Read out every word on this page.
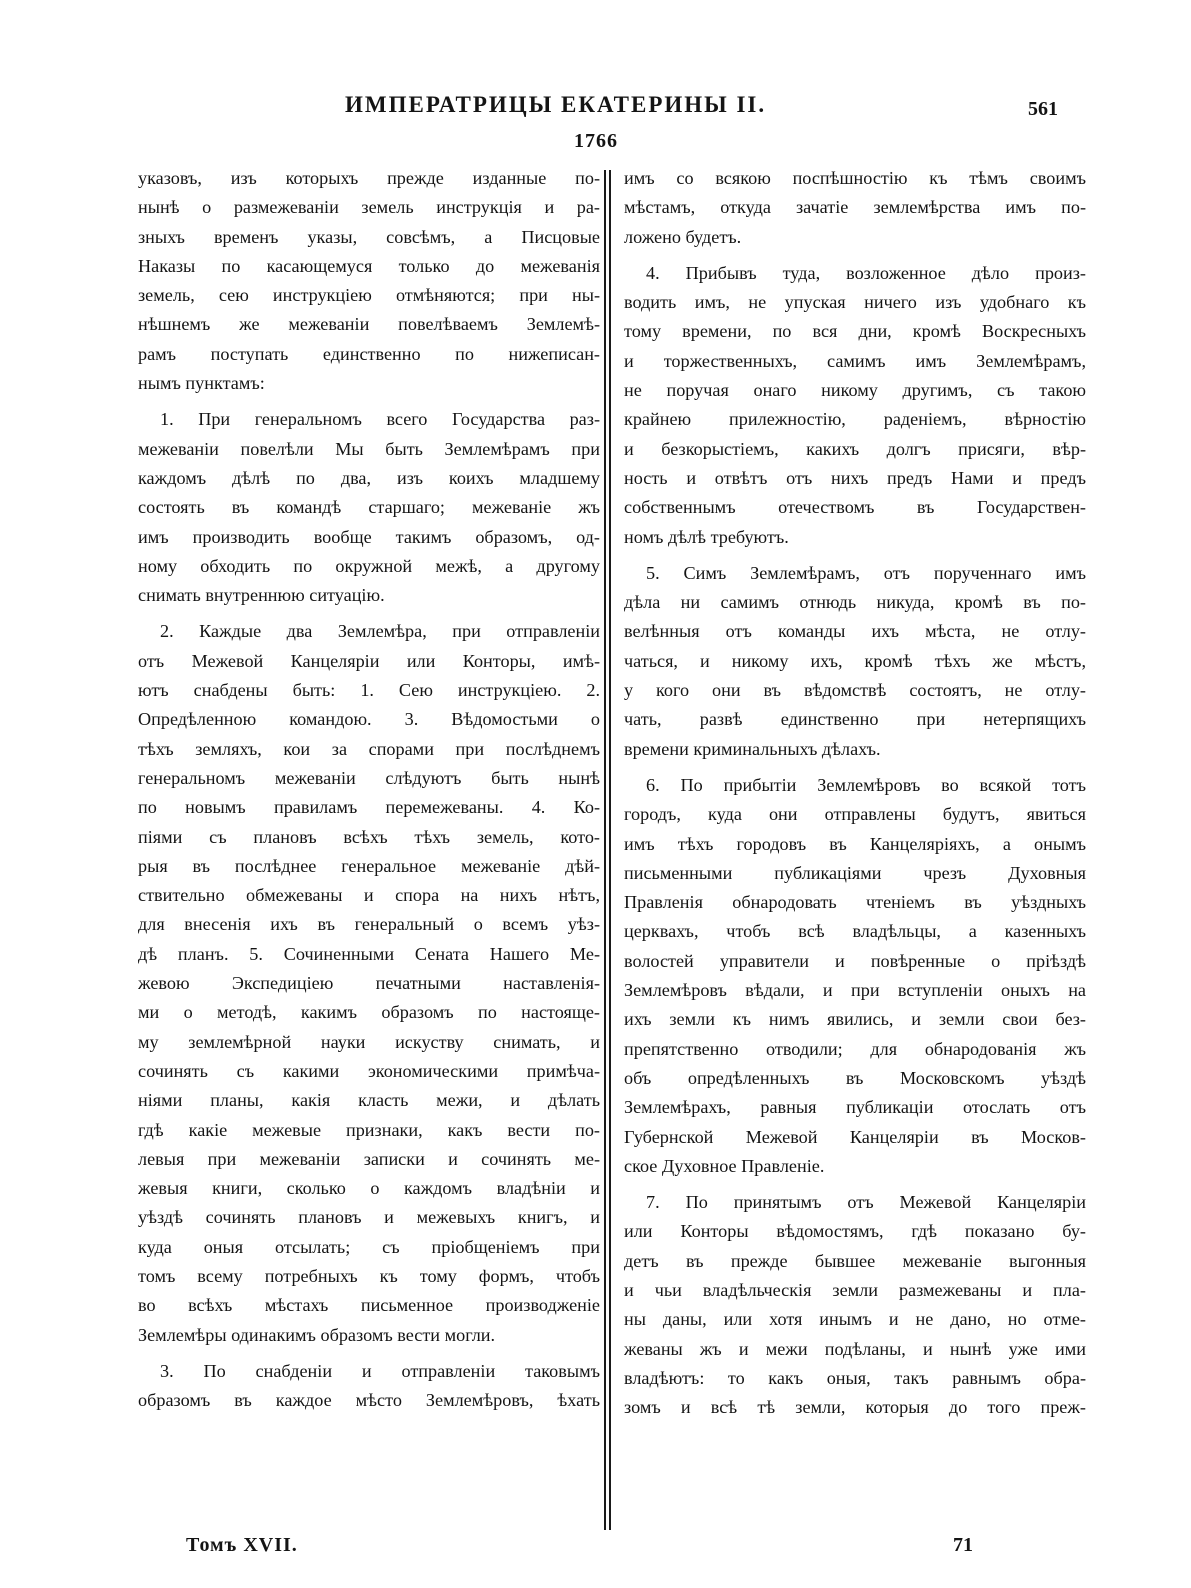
ИМПЕРАТРИЦЫ ЕКАТЕРИНЫ II.	561
1766
указовъ, изъ которыхъ прежде изданные по-
нынѣ о размежеваніи земель инструкція и ра-
зныхъ временъ указы, совсѣмъ, а Писцовые
Наказы по касающемуся только до межеванія
земель, сею инструкціею отмѣняются; при ны-
нѣшнемъ же межеваніи повелѣваемъ Землемѣ-
рамъ поступать единственно по нижеписан-
нымъ пунктамъ:
1. При генеральномъ всего Государства раз-
межеваніи повелѣли Мы быть Землемѣрамъ при
каждомъ дѣлѣ по два, изъ коихъ младшему
состоять въ командѣ старшаго; межеваніе жъ
имъ производить вообще такимъ образомъ, од-
ному обходить по окружной межѣ, а другому
снимать внутреннюю ситуацію.
2. Каждые два Землемѣра, при отправленіи
отъ Межевой Канцеляріи или Конторы, имѣ-
ютъ снабдены быть: 1. Сею инструкціею. 2.
Опредѣленною командою. 3. Вѣдомостьми о
тѣхъ земляхъ, кои за спорами при послѣднемъ
генеральномъ межеваніи слѣдуютъ быть нынѣ
по новымъ правиламъ перемежеваны. 4. Ко-
піями съ плановъ всѣхъ тѣхъ земель, кото-
рыя въ послѣднее генеральное межеваніе дѣй-
ствительно обмежеваны и спора на нихъ нѣтъ,
для внесенія ихъ въ генеральный о всемъ уѣз-
дѣ планъ. 5. Сочиненными Сената Нашего Ме-
жевою Экспедиціею печатными наставленія-
ми о методѣ, какимъ образомъ по настояще-
му землемѣрной науки искуству снимать, и
сочинять съ какими экономическими примѣча-
ніями планы, какія класть межи, и дѣлать
гдѣ какіе межевые признаки, какъ вести по-
левыя при межеваніи записки и сочинять ме-
жевыя книги, сколько о каждомъ владѣніи и
уѣздѣ сочинять плановъ и межевыхъ книгъ, и
куда оныя отсылать; съ пріобщеніемъ при
томъ всему потребныхъ къ тому формъ, чтобъ
во всѣхъ мѣстахъ письменное производженіе
Землемѣры одинакимъ образомъ вести могли.
3. По снабденіи и отправленіи таковымъ
образомъ въ каждое мѣсто Землемѣровъ, ѣхать
имъ со всякою поспѣшностію къ тѣмъ своимъ
мѣстамъ, откуда зачатіе землемѣрства имъ по-
ложено будетъ.
4. Прибывъ туда, возложенное дѣло произ-
водить имъ, не упуская ничего изъ удобнаго къ
тому времени, по вся дни, кромѣ Воскресныхъ
и торжественныхъ, самимъ имъ Землемѣрамъ,
не поручая онаго никому другимъ, съ такою
крайнею прилежностію, раденіемъ, вѣрностію
и безкорыстіемъ, какихъ долгъ присяги, вѣр-
ность и отвѣтъ отъ нихъ предъ Нами и предъ
собственнымъ отечествомъ въ Государствен-
номъ дѣлѣ требуютъ.
5. Симъ Землемѣрамъ, отъ порученнаго имъ
дѣла ни самимъ отнюдь никуда, кромѣ въ по-
велѣнныя отъ команды ихъ мѣста, не отлу-
чаться, и никому ихъ, кромѣ тѣхъ же мѣстъ,
у кого они въ вѣдомствѣ состоятъ, не отлу-
чать, развѣ единственно при нетерпящихъ
времени криминальныхъ дѣлахъ.
6. По прибытіи Землемѣровъ во всякой тотъ
городъ, куда они отправлены будутъ, явиться
имъ тѣхъ городовъ въ Канцеляріяхъ, а онымъ
письменными публикаціями чрезъ Духовныя
Правленія обнародовать чтеніемъ въ уѣздныхъ
церквахъ, чтобъ всѣ владѣльцы, а казенныхъ
волостей управители и повѣренные о пріѣздѣ
Землемѣровъ вѣдали, и при вступленіи оныхъ на
ихъ земли къ нимъ явились, и земли свои без-
препятственно отводили; для обнародованія жъ
объ опредѣленныхъ въ Московскомъ уѣздѣ
Землемѣрахъ, равныя публикаціи отослать отъ
Губернской Межевой Канцеляріи въ Москов-
ское Духовное Правленіе.
7. По принятымъ отъ Межевой Канцеляріи
или Конторы вѣдомостямъ, гдѣ показано бу-
детъ въ прежде бывшее межеваніе выгонныя
и чьи владѣльческія земли размежеваны и пла-
ны даны, или хотя инымъ и не дано, но отме-
жеваны жъ и межи подѣланы, и нынѣ уже ими
владѣютъ: то какъ оныя, такъ равнымъ обра-
зомъ и всѣ тѣ земли, которыя до того преж-
Томъ XVII.	71
